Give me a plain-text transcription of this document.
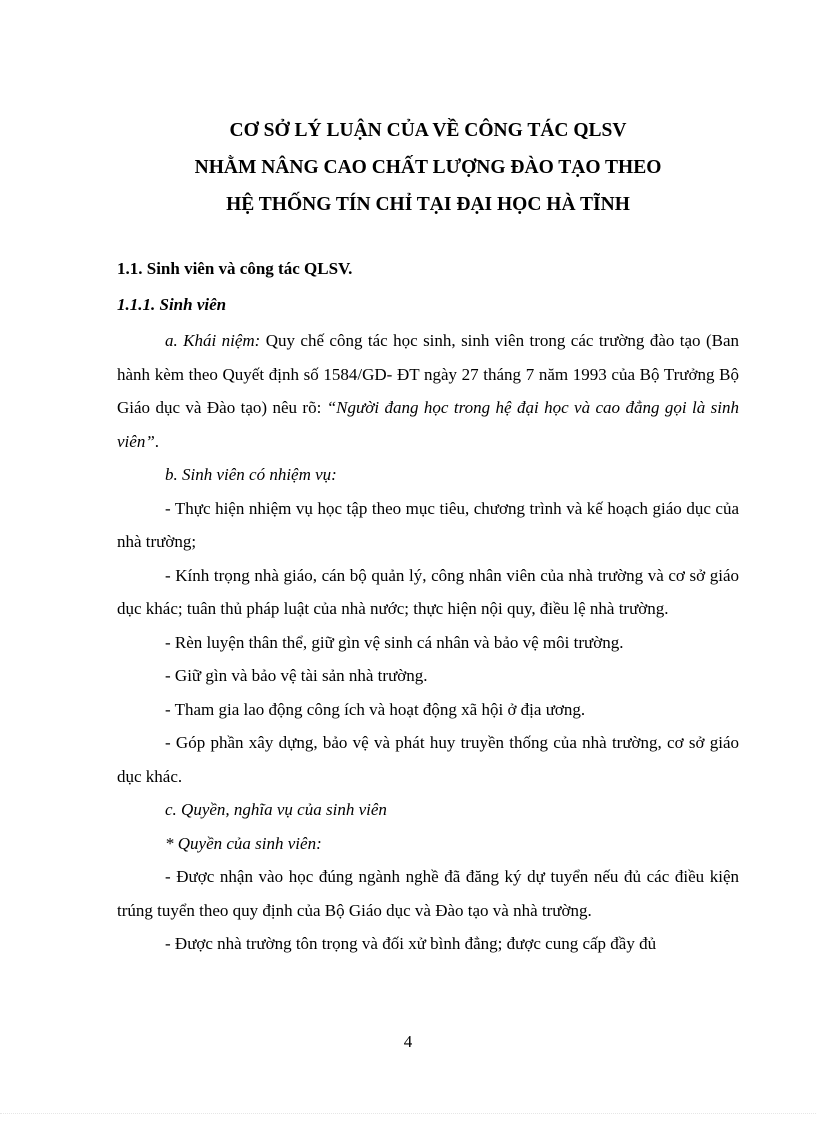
CƠ SỞ LÝ LUẬN CỦA VỀ CÔNG TÁC QLSV
NHẰM NÂNG CAO CHẤT LƯỢNG ĐÀO TẠO THEO
HỆ THỐNG TÍN CHỈ TẠI ĐẠI HỌC HÀ TĨNH
1.1. Sinh viên và công tác QLSV.
1.1.1. Sinh viên

a. Khái niệm: Quy chế công tác học sinh, sinh viên trong các trường đào tạo (Ban hành kèm theo Quyết định số 1584/GD- ĐT ngày 27 tháng 7 năm 1993 của Bộ Trưởng Bộ Giáo dục và Đào tạo) nêu rõ: “Người đang học trong hệ đại học và cao đẳng gọi là sinh viên”.

b. Sinh viên có nhiệm vụ:

- Thực hiện nhiệm vụ học tập theo mục tiêu, chương trình và kế hoạch giáo dục của nhà trường;

- Kính trọng nhà giáo, cán bộ quản lý, công nhân viên của nhà trường và cơ sở giáo dục khác; tuân thủ pháp luật của nhà nước; thực hiện nội quy, điều lệ nhà trường.

- Rèn luyện thân thể, giữ gìn vệ sinh cá nhân và bảo vệ môi trường.

- Giữ gìn và bảo vệ tài sản nhà trường.

- Tham gia lao động công ích và hoạt động xã hội ở địa ương.

- Góp phần xây dựng, bảo vệ và phát huy truyền thống của nhà trường, cơ sở giáo dục khác.

c. Quyền, nghĩa vụ của sinh viên

* Quyền của sinh viên:

- Được nhận vào học đúng ngành nghề đã đăng ký dự tuyển nếu đủ các điều kiện trúng tuyển theo quy định của Bộ Giáo dục và Đào tạo và nhà trường.

- Được nhà trường tôn trọng và đối xử bình đẳng; được cung cấp đầy đủ

4
